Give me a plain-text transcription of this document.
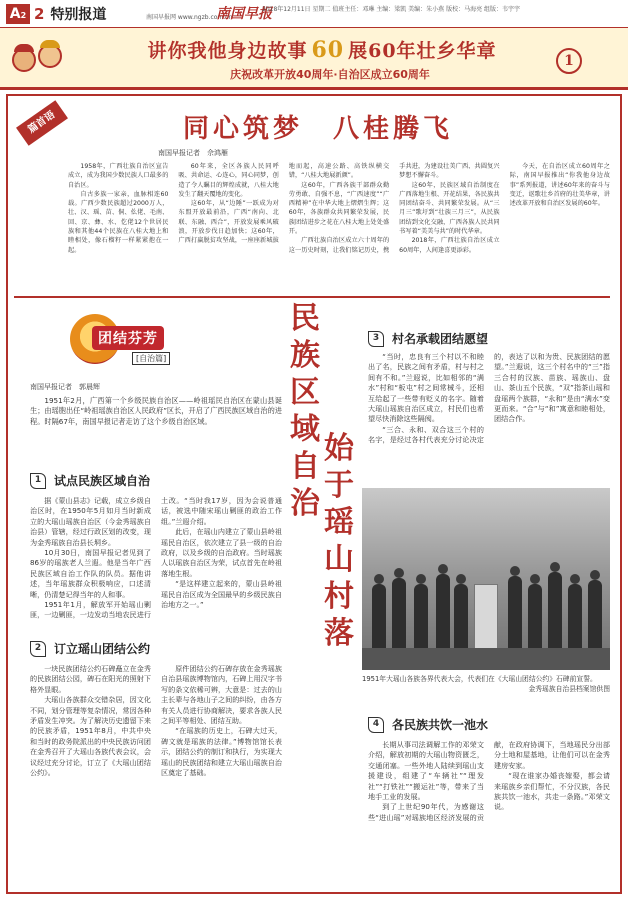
A2 2 特别报道	南国早报网 www.ngzb.com.cn
南国早报
2018年12月11日 星期二 值班主任：邓琳 主编：梁凯 美编：朱小燕 版校：马海亮 组版：韦宇宇
讲你我他身边故事 60 展60年壮乡华章
庆祝改革开放40周年·自治区成立60周年
1
篇首语	同心筑梦　八桂腾飞
南国早报记者　佘鸿雁

1958年，广西壮族自治区宣告成立，成为我国少数民族人口最多的自治区。

自古多族一家亲，血脉相连60载。广西少数民族超过2000万人，壮、汉、瑶、苗、侗、仫佬、毛南、回、京、彝、水、仡佬12个世居民族和其他44个民族在八桂大地上和睦相处，像石榴籽一样紧紧抱在一起。

60年来，全区各族人民同呼吸、共命运、心连心，同心同梦，创造了令人瞩目的辉煌成就，八桂大地发生了翻天覆地的变化。

这60年，从“边陲”一跃成为对东盟开放最前沿，广西“南向、北联、东融、西合”，开放发展乘风破浪，开放步伐日趋加快；这60年，广西打赢脱贫攻坚战，一座座新城拔地而起，高速公路、高铁纵横交错，“八桂大地展新颜”。

这60年，广西各族干部群众勤劳勇敢、自强不息，“广西速度”“广西精神”在中华大地上熠熠生辉；这60年，各族群众共同繁荣发展，民族团结进步之花在八桂大地上处处盛开。

广西壮族自治区成立六十周年的这一历史时刻，让我们铭记历史，携手共进，为建设壮美广西、共圆复兴梦想不懈奋斗。

这60年，民族区域自治制度在广西落地生根、开花结果，各民族共同团结奋斗、共同繁荣发展。从“三月三”歌圩到“壮族三月三”，从民族团结到文化交融，广西各族人民共同书写着“美美与共”的时代华章。

2018年，广西壮族自治区成立60周年，人间逢喜更添彩。

今天，在自治区成立60周年之际，南国早报推出“你我他身边故事”系列报道，讲述60年来的奋斗与变迁，讴歌壮乡首府的壮美华章，讲述改革开放和自治区发展的60年。

团结芬芳
[自治篇]
南国早报记者　郭晨辉

1951年2月，广西第一个乡级民族自治区——岭祖瑶民自治区在蒙山县诞生；由瑶胞出任“岭祖瑶族自治区人民政府”区长，开启了广西民族区域自治的进程。时隔67年，南国早报记者走访了这个乡级自治区域。

1	试点民族区域自治

据《蒙山县志》记载，成立乡级自治区时，在1950年5月如月当时新成立的大瑶山瑶族自治区（今金秀瑶族自治县）管辖，经过行政区划的改变，现为金秀瑶族自治县长垌乡。

10月30日，南国早报记者见到了86岁的瑶族老人兰遐。他是当年广西民族区域自治工作队的队员。据他讲述，当年瑶族群众积极响应，口述清晰，仍清楚记得当年的人和事。

1951年1月，解放军开始瑶山剿匪，一边剿匪，一边发动当地农民进行土改。“当时我17岁，因为会说普通话，被选中随宋瑶山剿匪的政治工作组。”兰遐介绍。

此后，在瑶山内建立了蒙山县岭祖瑶民自治区，依次建立了县一级的自治政府，以及乡级的自治政府。当时瑶族人以瑶族自治区为荣，试点首先在岭祖落地生根。

“是这样建立起来的，蒙山县岭祖瑶民自治区成为全国最早的乡级民族自治地方之一。”

2	订立瑶山团结公约

一块民族团结公约石碑矗立在金秀的民族团结公园，碑石在阳光的照射下格外显眼。

大瑶山各族群众交错杂居，因文化不同，划分管理等复杂情况，常因各种矛盾发生冲突。为了解决历史遗留下来的民族矛盾，1951年8月，中共中央和当时的政务院派出的中央民族访问团在金秀召开了大瑶山各族代表会议，会议经过充分讨论，订立了《大瑶山团结公约》。

原件团结公约石碑存放在金秀瑶族自治县瑶族博物馆内，石碑上用汉字书写的条文依稀可辨，大意是：过去的山主长辈与各地山子之间的纠纷，由各方有关人员进行协商解决，要求各族人民之间平等相处、团结互助。

“在瑶族的历史上，石碑大过天，碑文就是瑶族的法律。”博物馆馆长表示，团结公约的制订和执行，为实现大瑶山的民族团结和建立大瑶山瑶族自治区奠定了基础。

民
族
区
域
自
治
始
于
瑶
山
村
落
3	村名承载团结愿望

“当时，忠良有三个村以不和睦出了名，民族之间有矛盾，村与村之间有不和。”兰遐说，比如相邻的“满水”村和“板屯”村之间常械斗，还相互给起了一些带有贬义的名字。随着大瑶山瑶族自治区成立，村民们也希望尽快消除这些隔阂。

“三合、永和、双合这三个村的名字，是经过各村代表充分讨论决定的，表达了以和为贵、民族团结的愿望。”兰遐说，这三个村名中的“三”指三合村的汉族、苗族、瑶族山、盘山、茶山五个民族，“双”指茶山瑶和盘瑶两个族群，“永和”是由“满水”变更而来。“合”与“和”寓意和睦相处，团结合作。

1951年大瑶山各族各界代表大会，代表们在《大瑶山团结公约》石碑前宣誓。
金秀瑶族自治县档案馆供图
4	各民族共饮一池水

长期从事司法调解工作的邓荣文介绍，解放初期的大瑶山物资匮乏，交通闭塞。一些外地人陆续到瑶山支援建设，组建了“车辆社”“理发社”“打铁社”“搬运社”等，带来了当地手工业的发展。

到了上世纪90年代，为感谢这些“进山瑶”对瑶族地区经济发展的贡献，在政府协调下，当地瑶民分出部分土地和屋基地，让他们可以在金秀建房安家。

“现在谁家办婚丧嫁娶，都会请来瑶族乡亲们帮忙，不分汉族，各民族共饮一池水，共走一条路。”邓荣文说。
